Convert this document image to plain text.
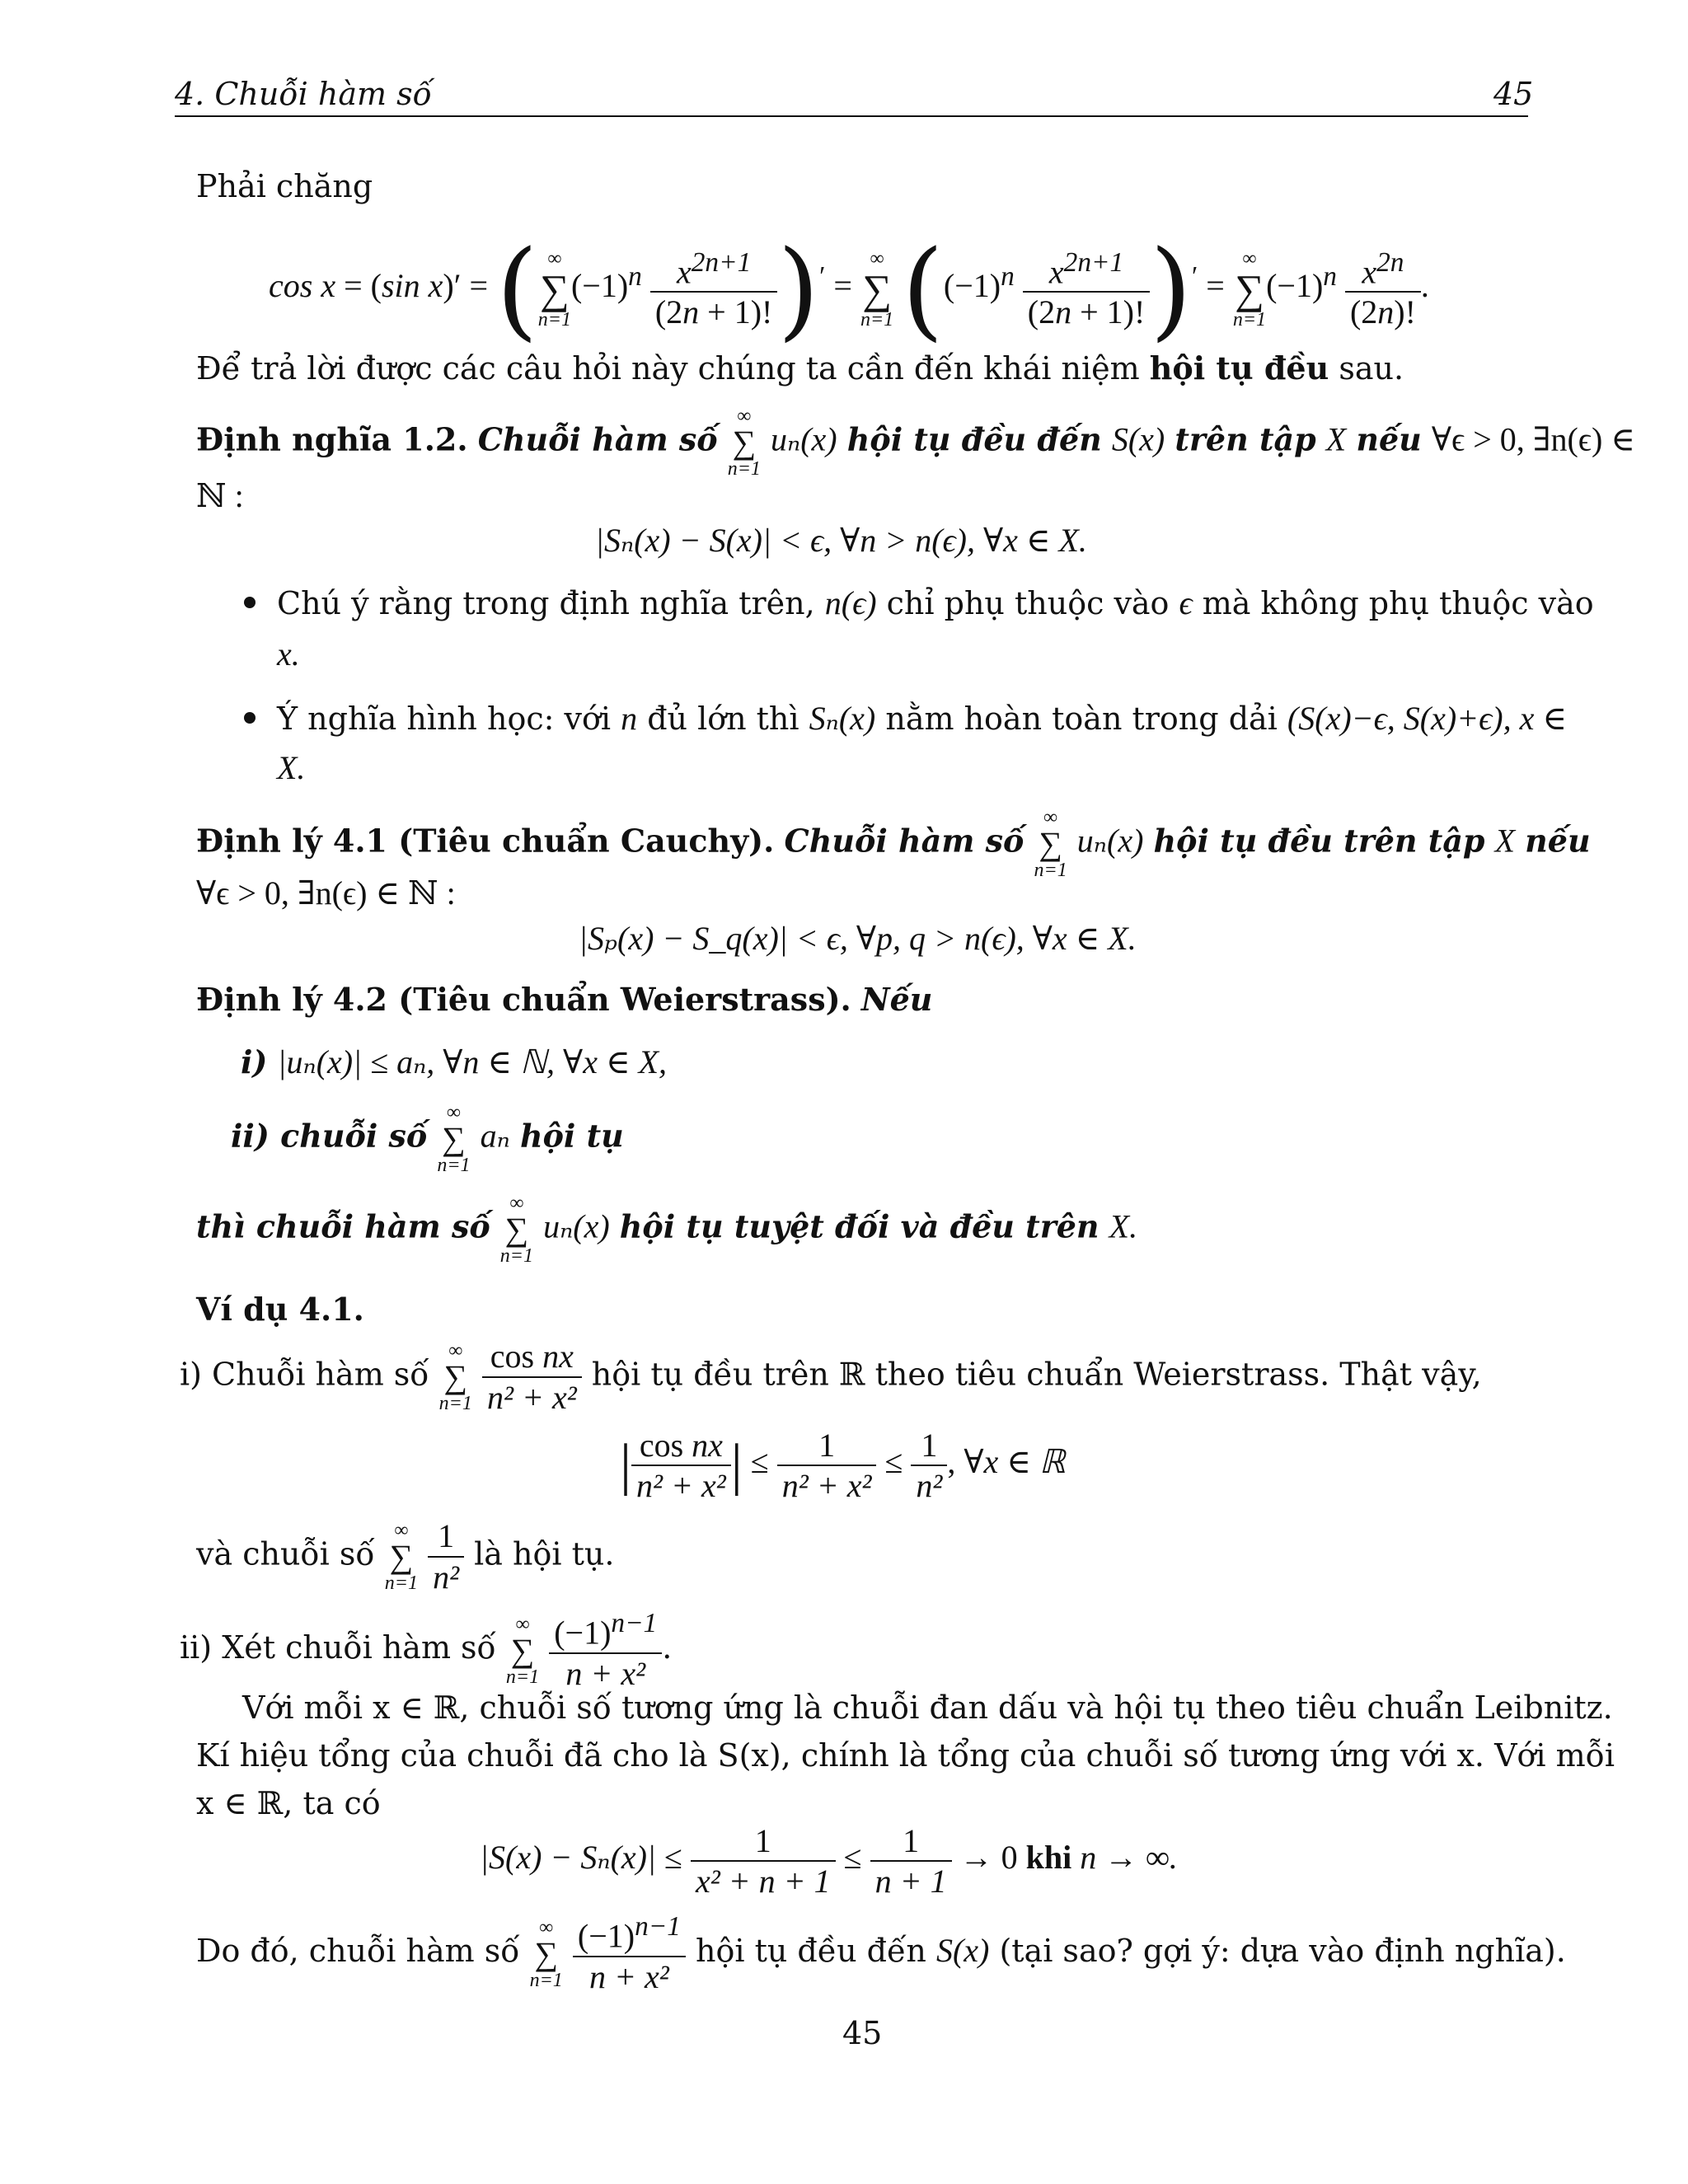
4. Chuỗi hàm số	45
Phải chăng
cos x = (sin x)′ = ( ∞
∑
n=1
$(-1)^n \frac{x^{2n+1}}{(2n + 1)!} )'$ =
∞
∑
n=1 $((-1)^n \frac{x^{2n+1}}{(2n + 1)!} )'$ =
∞
∑
n=1
$(-1)^n \frac{x^{2n}}{(2n)!}$ .
Để trả lời được các câu hỏi này chúng ta cần đến khái niệm hội tụ đều sau.
Định nghĩa 1.2. Chuỗi hàm số
∞
∑
n=1
uₙ(x) hội tụ đều đến S(x) trên tập X nếu ∀ϵ > 0, ∃n(ϵ) ∈
ℕ :
|Sₙ(x) − S(x)| < ϵ, ∀n > n(ϵ), ∀x ∈ X.
Chú ý rằng trong định nghĩa trên, n(ϵ) chỉ phụ thuộc vào ϵ mà không phụ thuộc vào
x.
Ý nghĩa hình học: với n đủ lớn thì Sₙ(x) nằm hoàn toàn trong dải (S(x)−ϵ, S(x)+ϵ), x ∈
X.
Định lý 4.1 (Tiêu chuẩn Cauchy). Chuỗi hàm số
∞
∑
n=1
uₙ(x) hội tụ đều trên tập X nếu
∀ϵ > 0, ∃n(ϵ) ∈ ℕ :
|Sₚ(x) − S_q(x)| < ϵ, ∀p, q > n(ϵ), ∀x ∈ X.
Định lý 4.2 (Tiêu chuẩn Weierstrass). Nếu
i) |uₙ(x)| ≤ aₙ, ∀n ∈ ℕ, ∀x ∈ X,
ii) chuỗi số
∞
∑
n=1
aₙ hội tụ
thì chuỗi hàm số
∞
∑
n=1
uₙ(x) hội tụ tuyệt đối và đều trên X.
Ví dụ 4.1.
i) Chuỗi hàm số
∞
∑
n=1
$\frac{\text{cos nx}}{\text{n² + x²}}$ hội tụ đều trên ℝ theo tiêu chuẩn Weierstrass. Thật vậy,
| $\frac{\text{cos nx}}{\text{n² + x²}}$ | ≤ $\frac{1}{\text{n² + x²}} \le \frac{1}{\text{n²}}$ , ∀x ∈ ℝ
và chuỗi số
∞
∑
n=1
$\frac{1}{\text{n²}}$ là hội tụ.
ii) Xét chuỗi hàm số
∞
∑
n=1
$\frac{(-1)^{n-1}}{\text{n + x²}}$ .
Với mỗi x ∈ ℝ, chuỗi số tương ứng là chuỗi đan dấu và hội tụ theo tiêu chuẩn Leibnitz.
Kí hiệu tổng của chuỗi đã cho là S(x), chính là tổng của chuỗi số tương ứng với x. Với mỗi
x ∈ ℝ, ta có
$|S(x) - S_n(x)| \le \frac{1}{\text{x² + n + 1}} \le \frac{1}{n + 1} \to 0$ khi n → ∞.
Do đó, chuỗi hàm số
∞
∑
n=1
$\frac{(-1)^{n-1}}{\text{n + x²}}$ hội tụ đều đến S(x) (tại sao? gợi ý: dựa vào định nghĩa).
45
